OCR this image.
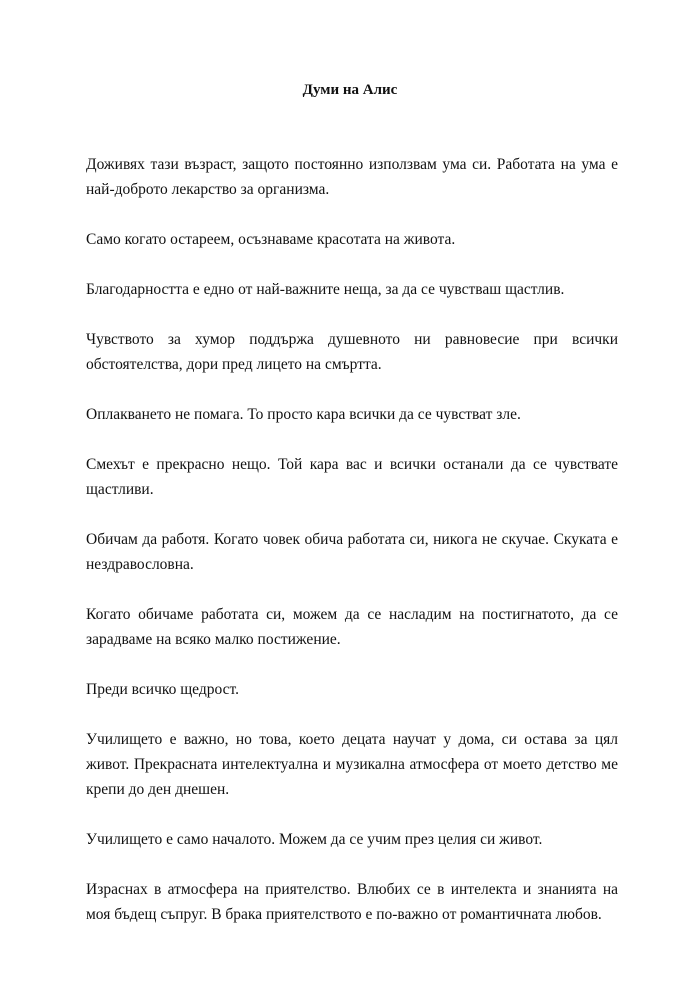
Думи на Алис

Доживях тази възраст, защото постоянно използвам ума си. Работата на ума е най-доброто лекарство за организма.

Само когато остареем, осъзнаваме красотата на живота.

Благодарността е едно от най-важните неща, за да се чувстваш щастлив.

Чувството за хумор поддържа душевното ни равновесие при всички обстоятелства, дори пред лицето на смъртта.

Оплакването не помага. То просто кара всички да се чувстват зле.

Смехът е прекрасно нещо. Той кара вас и всички останали да се чувствате щастливи.

Обичам да работя. Когато човек обича работата си, никога не скучае. Скуката е нездравословна.

Когато обичаме работата си, можем да се насладим на постигнатото, да се зарадваме на всяко малко постижение.

Преди всичко щедрост.

Училището е важно, но това, което децата научат у дома, си остава за цял живот. Прекрасната интелектуална и музикална атмосфера от моето детство ме крепи до ден днешен.

Училището е само началото. Можем да се учим през целия си живот.

Израснах в атмосфера на приятелство. Влюбих се в интелекта и знанията на моя бъдещ съпруг. В брака приятелството е по-важно от романтичната любов.
